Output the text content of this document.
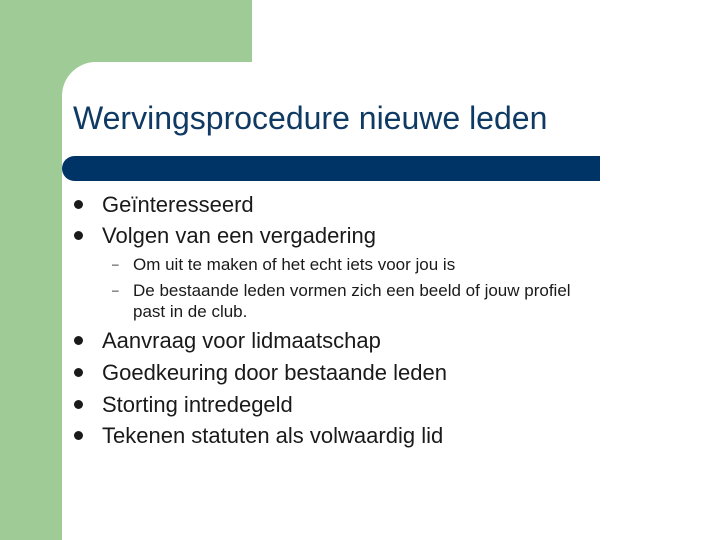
Wervingsprocedure nieuwe leden
Geïnteresseerd
Volgen van een vergadering
– Om uit te maken of het echt iets voor jou is
– De bestaande leden vormen zich een beeld of jouw profiel
past in de club.
Aanvraag voor lidmaatschap
Goedkeuring door bestaande leden
Storting intredegeld
Tekenen statuten als volwaardig lid
